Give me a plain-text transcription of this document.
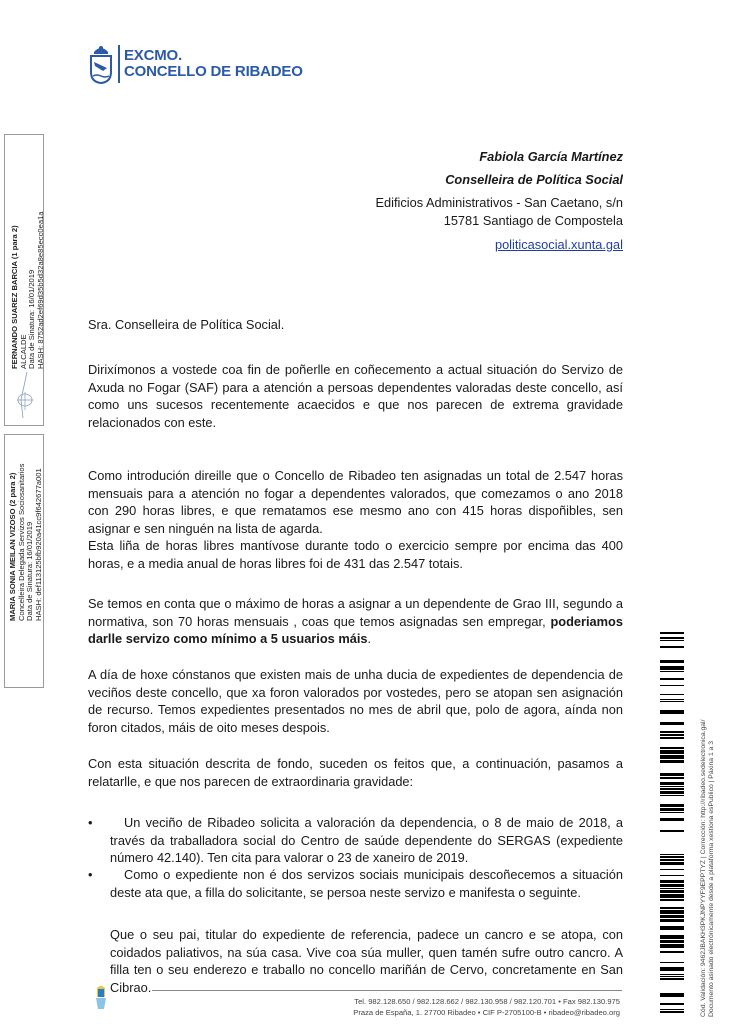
EXCMO.
CONCELLO DE RIBADEO
Fabiola García Martínez
Conselleira de Política Social
Edificios Administrativos - San Caetano, s/n
15781 Santiago de Compostela
politicasocial.xunta.gal

Sra. Conselleira de Política Social.

Dirixímonos a vostede coa fin de poñerlle en coñecemento a actual situación do Servizo de Axuda no Fogar (SAF) para a atención a persoas dependentes valoradas deste concello, así como uns sucesos recentemente acaecidos e que nos parecen de extrema gravidade relacionados con este.

Como introdución direille que o Concello de Ribadeo ten asignadas un total de 2.547 horas mensuais para a atención no fogar a dependentes valorados, que comezamos o ano 2018 con 290 horas libres, e que rematamos ese mesmo ano con 415 horas dispoñibles, sen asignar e sen ninguén na lista de agarda.

Esta liña de horas libres mantívose durante todo o exercicio sempre por encima das 400 horas, e a media anual de horas libres foi de 431 das 2.547 totais.

Se temos en conta que o máximo de horas a asignar a un dependente de Grao III, segundo a normativa, son 70 horas mensuais , coas que temos asignadas sen empregar, poderiamos darlle servizo como mínimo a 5 usuarios máis.

A día de hoxe cónstanos que existen mais de unha ducia de expedientes de dependencia de veciños deste concello, que xa foron valorados por vostedes, pero se atopan sen asignación de recurso. Temos expedientes presentados no mes de abril que, polo de agora, aínda non foron citados, máis de oito meses despois.

Con esta situación descrita de fondo, suceden os feitos que, a continuación, pasamos a relatarlle, e que nos parecen de extraordinaria gravidade:

•	Un veciño de Ribadeo solicita a valoración da dependencia, o 8 de maio de 2018, a través da traballadora social do Centro de saúde dependente do SERGAS (expediente número 42.140). Ten cita para valorar o 23 de xaneiro de 2019.
•	Como o expediente non é dos servizos sociais municipais descoñecemos a situación deste ata que, a filla do solicitante, se persoa neste servizo e manifesta o seguinte.

Que o seu pai, titular do expediente de referencia, padece un cancro e se atopa, con coidados paliativos, na súa casa. Vive coa súa muller, quen tamén sufre outro cancro. A filla ten o seu enderezo e traballo no concello mariñán de Cervo, concretamente en San Cibrao.

FERNANDO SUAREZ BARCIA (1 para 2) ALCALDE Data de Sinatura: 16/01/2019 HASH: 8752ad2ef69d35b5d32a8e85ecc0ea1a
MARIA SONIA MEILAN VIZOSO (2 para 2) Concelleira Delegada Servizos Sociosanitarios Data de Sinatura: 16/01/2019 HASH: def113125bfb920a41cc9f642677a001
Cód. Validación: 9462JBAKH3PKJNPYYF9EPPTYZ | Corrección: http://ribadeo.sedelectronica.gal/ Documento asinado electrónicamente desde a plataforma xestiona esPublico | Páxina 1 a 3
Tel. 982.128.650 / 982.128.662 / 982.130.958 / 982.120.701 • Fax 982.130.975
Praza de España, 1. 27700 Ribadeo • CIF P-2705100-B • ribadeo@ribadeo.org
